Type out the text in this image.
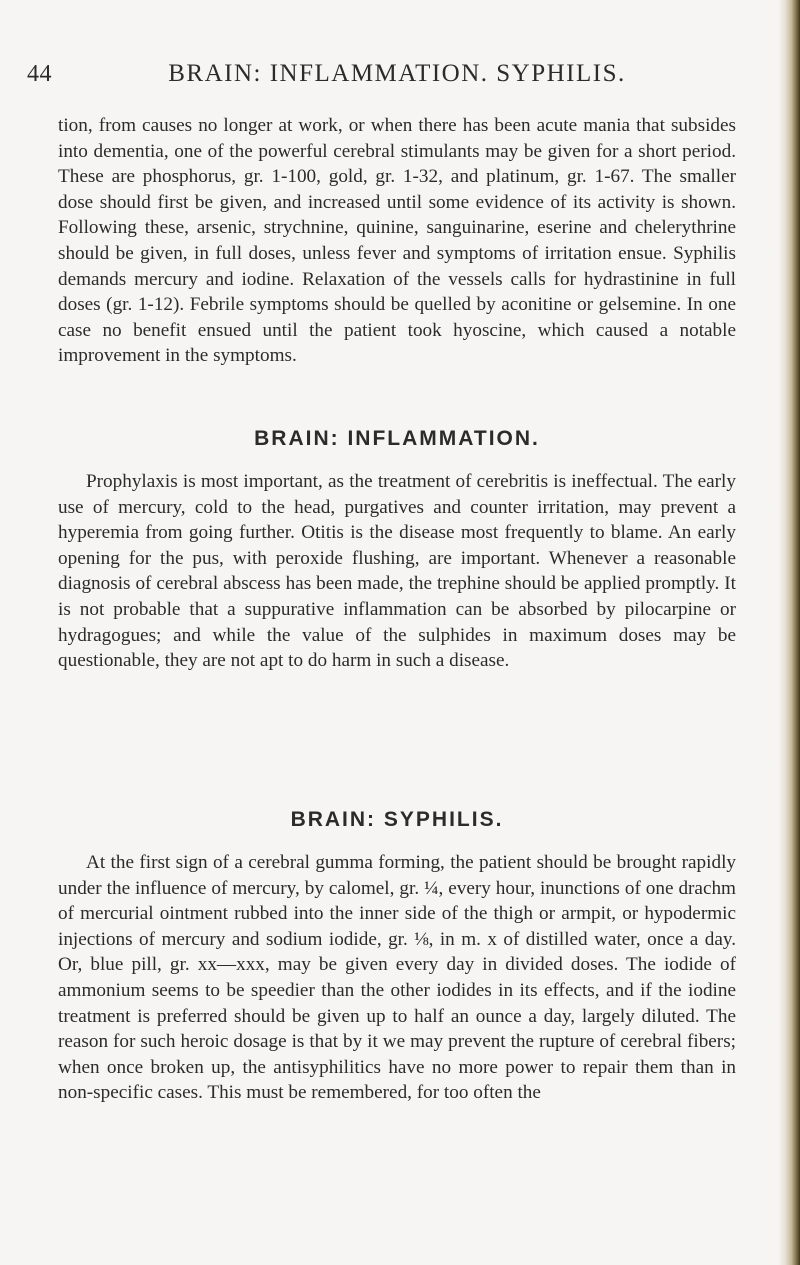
44	BRAIN: INFLAMMATION. SYPHILIS.

tion, from causes no longer at work, or when there has been acute mania that subsides into dementia, one of the powerful cerebral stimulants may be given for a short period. These are phosphorus, gr. 1-100, gold, gr. 1-32, and platinum, gr. 1-67. The smaller dose should first be given, and increased until some evidence of its activity is shown. Following these, arsenic, strychnine, quinine, sanguinarine, eserine and chelerythrine should be given, in full doses, unless fever and symptoms of irritation ensue. Syphilis demands mercury and iodine. Relaxation of the vessels calls for hydrastinine in full doses (gr. 1-12). Febrile symptoms should be quelled by aconitine or gelsemine. In one case no benefit ensued until the patient took hyoscine, which caused a notable improvement in the symptoms.

BRAIN: INFLAMMATION.

Prophylaxis is most important, as the treatment of cerebritis is ineffectual. The early use of mercury, cold to the head, purgatives and counter irritation, may prevent a hyperemia from going further. Otitis is the disease most frequently to blame. An early opening for the pus, with peroxide flushing, are important. Whenever a reasonable diagnosis of cerebral abscess has been made, the trephine should be applied promptly. It is not probable that a suppurative inflammation can be absorbed by pilocarpine or hydragogues; and while the value of the sulphides in maximum doses may be questionable, they are not apt to do harm in such a disease.

BRAIN: SYPHILIS.

At the first sign of a cerebral gumma forming, the patient should be brought rapidly under the influence of mercury, by calomel, gr. ¼, every hour, inunctions of one drachm of mercurial ointment rubbed into the inner side of the thigh or armpit, or hypodermic injections of mercury and sodium iodide, gr. ⅛, in m. x of distilled water, once a day. Or, blue pill, gr. xx—xxx, may be given every day in divided doses. The iodide of ammonium seems to be speedier than the other iodides in its effects, and if the iodine treatment is preferred should be given up to half an ounce a day, largely diluted. The reason for such heroic dosage is that by it we may prevent the rupture of cerebral fibers; when once broken up, the antisyphilitics have no more power to repair them than in non-specific cases. This must be remembered, for too often the
